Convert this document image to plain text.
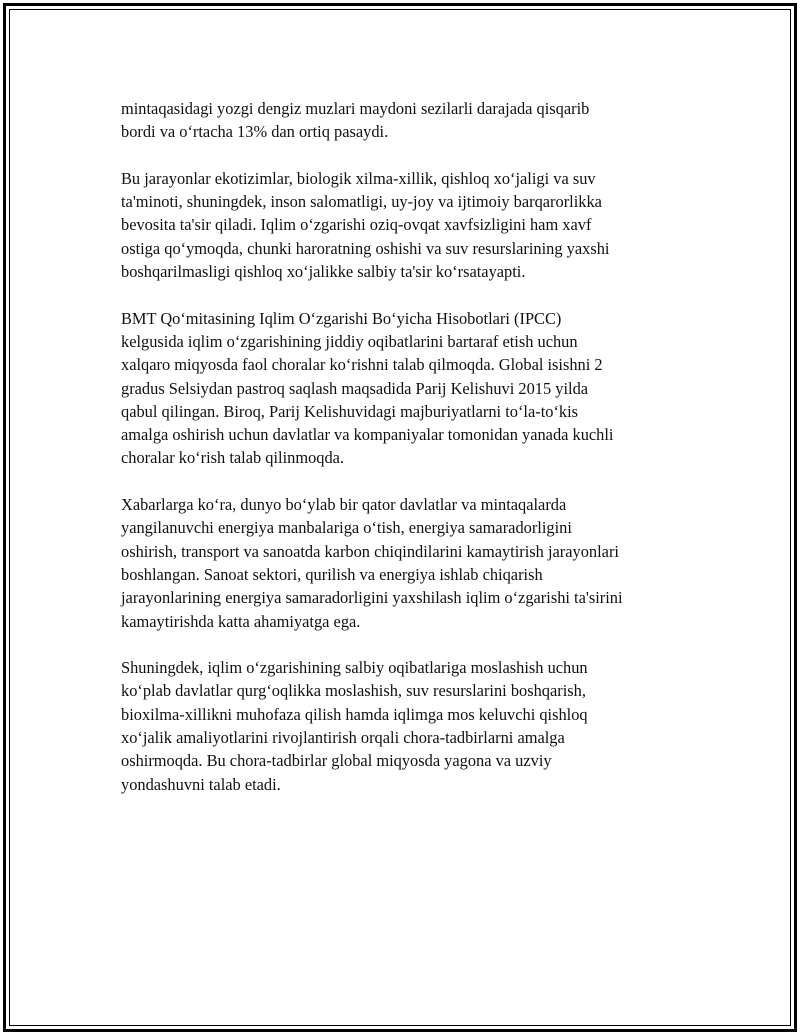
mintaqasidagi yozgi dengiz muzlari maydoni sezilarli darajada qisqarib
bordi va o‘rtacha 13% dan ortiq pasaydi.

Bu jarayonlar ekotizimlar, biologik xilma-xillik, qishloq xo‘jaligi va suv
ta'minoti, shuningdek, inson salomatligi, uy-joy va ijtimoiy barqarorlikka
bevosita ta'sir qiladi. Iqlim o‘zgarishi oziq-ovqat xavfsizligini ham xavf
ostiga qo‘ymoqda, chunki haroratning oshishi va suv resurslarining yaxshi
boshqarilmasligi qishloq xo‘jalikke salbiy ta'sir ko‘rsatayapti.

BMT Qo‘mitasining Iqlim O‘zgarishi Bo‘yicha Hisobotlari (IPCC)
kelgusida iqlim o‘zgarishining jiddiy oqibatlarini bartaraf etish uchun
xalqaro miqyosda faol choralar ko‘rishni talab qilmoqda. Global isishni 2
gradus Selsiydan pastroq saqlash maqsadida Parij Kelishuvi 2015 yilda
qabul qilingan. Biroq, Parij Kelishuvidagi majburiyatlarni to‘la-to‘kis
amalga oshirish uchun davlatlar va kompaniyalar tomonidan yanada kuchli
choralar ko‘rish talab qilinmoqda.

Xabarlarga ko‘ra, dunyo bo‘ylab bir qator davlatlar va mintaqalarda
yangilanuvchi energiya manbalariga o‘tish, energiya samaradorligini
oshirish, transport va sanoatda karbon chiqindilarini kamaytirish jarayonlari
boshlangan. Sanoat sektori, qurilish va energiya ishlab chiqarish
jarayonlarining energiya samaradorligini yaxshilash iqlim o‘zgarishi ta'sirini
kamaytirishda katta ahamiyatga ega.

Shuningdek, iqlim o‘zgarishining salbiy oqibatlariga moslashish uchun
ko‘plab davlatlar qurg‘oqlikka moslashish, suv resurslarini boshqarish,
bioxilma-xillikni muhofaza qilish hamda iqlimga mos keluvchi qishloq
xo‘jalik amaliyotlarini rivojlantirish orqali chora-tadbirlarni amalga
oshirmoqda. Bu chora-tadbirlar global miqyosda yagona va uzviy
yondashuvni talab etadi.
